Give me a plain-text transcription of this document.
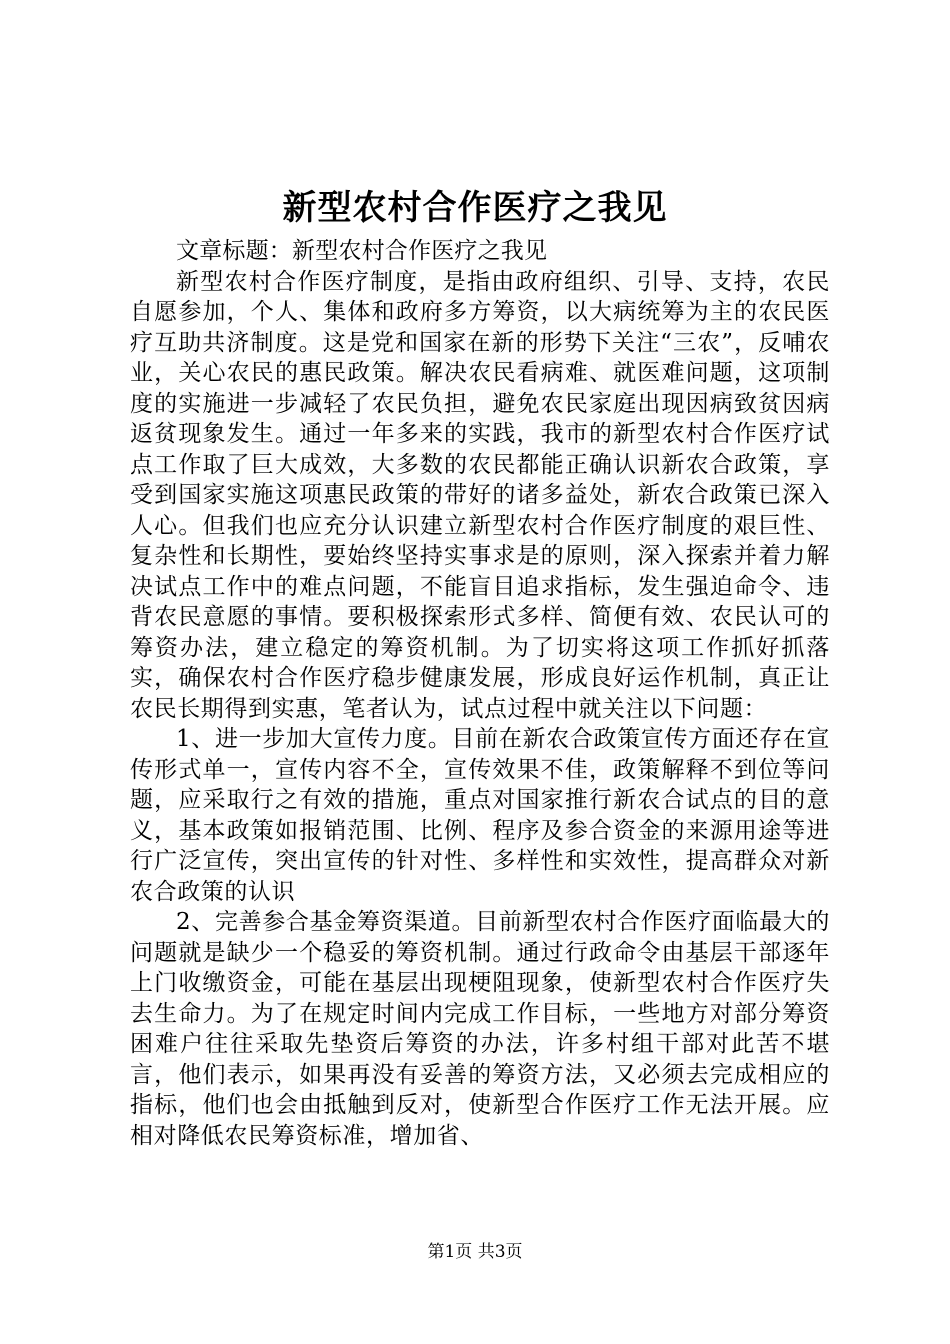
新型农村合作医疗之我见

文章标题：新型农村合作医疗之我见

新型农村合作医疗制度，是指由政府组织、引导、支持，农民自愿参加，个人、集体和政府多方筹资，以大病统筹为主的农民医疗互助共济制度。这是党和国家在新的形势下关注“三农”，反哺农业，关心农民的惠民政策。解决农民看病难、就医难问题，这项制度的实施进一步减轻了农民负担，避免农民家庭出现因病致贫因病返贫现象发生。通过一年多来的实践，我市的新型农村合作医疗试点工作取了巨大成效，大多数的农民都能正确认识新农合政策，享受到国家实施这项惠民政策的带好的诸多益处，新农合政策已深入人心。但我们也应充分认识建立新型农村合作医疗制度的艰巨性、复杂性和长期性，要始终坚持实事求是的原则，深入探索并着力解决试点工作中的难点问题，不能盲目追求指标，发生强迫命令、违背农民意愿的事情。要积极探索形式多样、简便有效、农民认可的筹资办法，建立稳定的筹资机制。为了切实将这项工作抓好抓落实，确保农村合作医疗稳步健康发展，形成良好运作机制，真正让农民长期得到实惠，笔者认为，试点过程中就关注以下问题：

1、进一步加大宣传力度。目前在新农合政策宣传方面还存在宣传形式单一，宣传内容不全，宣传效果不佳，政策解释不到位等问题，应采取行之有效的措施，重点对国家推行新农合试点的目的意义，基本政策如报销范围、比例、程序及参合资金的来源用途等进行广泛宣传，突出宣传的针对性、多样性和实效性，提高群众对新农合政策的认识

2、完善参合基金筹资渠道。目前新型农村合作医疗面临最大的问题就是缺少一个稳妥的筹资机制。通过行政命令由基层干部逐年上门收缴资金，可能在基层出现梗阻现象，使新型农村合作医疗失去生命力。为了在规定时间内完成工作目标，一些地方对部分筹资困难户往往采取先垫资后筹资的办法，许多村组干部对此苦不堪言，他们表示，如果再没有妥善的筹资方法，又必须去完成相应的指标，他们也会由抵触到反对，使新型合作医疗工作无法开展。应相对降低农民筹资标准，增加省、

第1页 共3页
